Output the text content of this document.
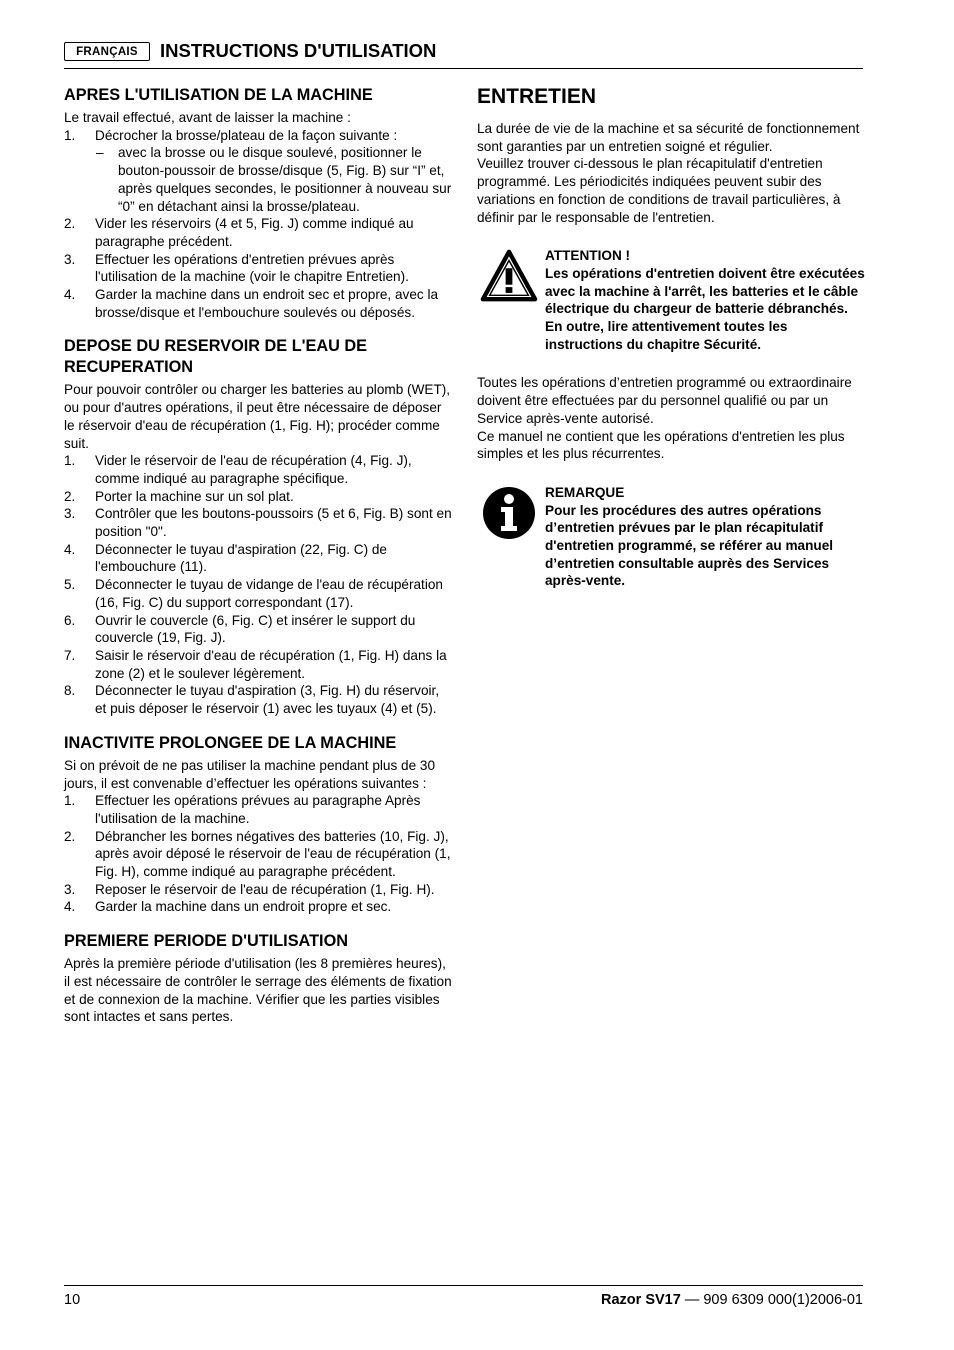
FRANÇAIS	INSTRUCTIONS D'UTILISATION
APRES L'UTILISATION DE LA MACHINE

Le travail effectué, avant de laisser la machine :

1. Décrocher la brosse/plateau de la façon suivante :
– avec la brosse ou le disque soulevé, positionner le bouton-poussoir de brosse/disque (5, Fig. B) sur “I” et, après quelques secondes, le positionner à nouveau sur “0” en détachant ainsi la brosse/plateau.
2. Vider les réservoirs (4 et 5, Fig. J) comme indiqué au paragraphe précédent.
3. Effectuer les opérations d'entretien prévues après l'utilisation de la machine (voir le chapitre Entretien).
4. Garder la machine dans un endroit sec et propre, avec la brosse/disque et l'embouchure soulevés ou déposés.
DEPOSE DU RESERVOIR DE L'EAU DE RECUPERATION

Pour pouvoir contrôler ou charger les batteries au plomb (WET), ou pour d'autres opérations, il peut être nécessaire de déposer le réservoir d'eau de récupération (1, Fig. H); procéder comme suit.

1. Vider le réservoir de l'eau de récupération (4, Fig. J), comme indiqué au paragraphe spécifique.
2. Porter la machine sur un sol plat.
3. Contrôler que les boutons-poussoirs (5 et 6, Fig. B) sont en position "0".
4. Déconnecter le tuyau d'aspiration (22, Fig. C) de l'embouchure (11).
5. Déconnecter le tuyau de vidange de l'eau de récupération (16, Fig. C) du support correspondant (17).
6. Ouvrir le couvercle (6, Fig. C) et insérer le support du couvercle (19, Fig. J).
7. Saisir le réservoir d'eau de récupération (1, Fig. H) dans la zone (2) et le soulever légèrement.
8. Déconnecter le tuyau d'aspiration (3, Fig. H) du réservoir, et puis déposer le réservoir (1) avec les tuyaux (4) et (5).
INACTIVITE PROLONGEE DE LA MACHINE

Si on prévoit de ne pas utiliser la machine pendant plus de 30 jours, il est convenable d’effectuer les opérations suivantes :

1. Effectuer les opérations prévues au paragraphe Après l'utilisation de la machine.
2. Débrancher les bornes négatives des batteries (10, Fig. J), après avoir déposé le réservoir de l'eau de récupération (1, Fig. H), comme indiqué au paragraphe précédent.
3. Reposer le réservoir de l'eau de récupération (1, Fig. H).
4. Garder la machine dans un endroit propre et sec.
PREMIERE PERIODE D'UTILISATION

Après la première période d'utilisation (les 8 premières heures), il est nécessaire de contrôler le serrage des éléments de fixation et de connexion de la machine. Vérifier que les parties visibles sont intactes et sans pertes.

ENTRETIEN

La durée de vie de la machine et sa sécurité de fonctionnement sont garanties par un entretien soigné et régulier.

Veuillez trouver ci-dessous le plan récapitulatif d'entretien programmé. Les périodicités indiquées peuvent subir des variations en fonction de conditions de travail particulières, à définir par le responsable de l'entretien.

ATTENTION !
Les opérations d'entretien doivent être exécutées avec la machine à l'arrêt, les batteries et le câble électrique du chargeur de batterie débranchés.
En outre, lire attentivement toutes les instructions du chapitre Sécurité.

Toutes les opérations d’entretien programmé ou extraordinaire doivent être effectuées par du personnel qualifié ou par un Service après-vente autorisé.

Ce manuel ne contient que les opérations d'entretien les plus simples et les plus récurrentes.

REMARQUE
Pour les procédures des autres opérations d’entretien prévues par le plan récapitulatif d'entretien programmé, se référer au manuel d’entretien consultable auprès des Services après-vente.
10	Razor SV17 — 909 6309 000(1)2006-01
